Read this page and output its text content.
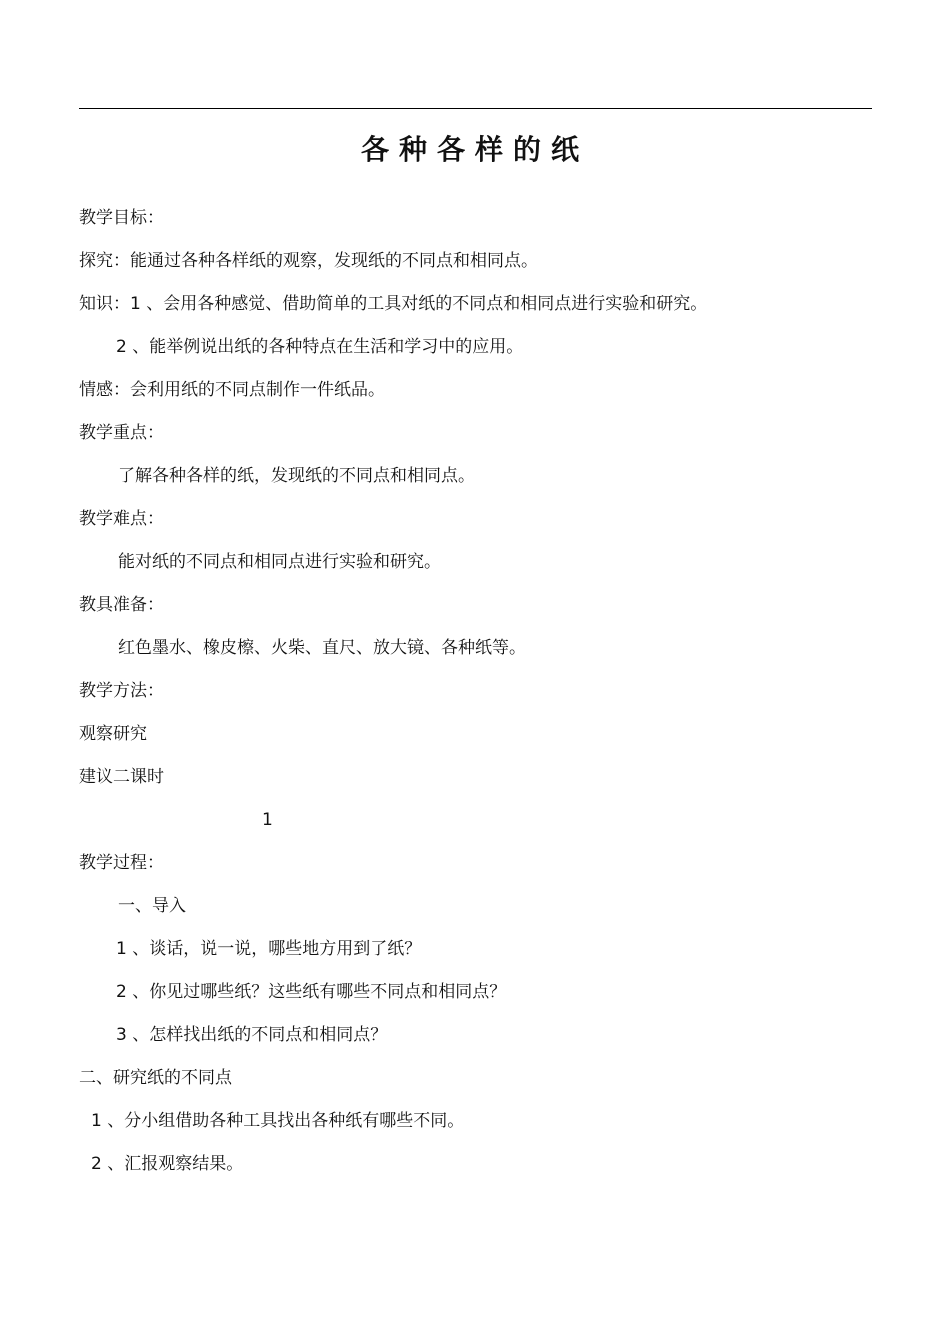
各种各样的纸
教学目标：
探究：能通过各种各样纸的观察，发现纸的不同点和相同点。
知识：1 、会用各种感觉、借助简单的工具对纸的不同点和相同点进行实验和研究。
2 、能举例说出纸的各种特点在生活和学习中的应用。
情感：会利用纸的不同点制作一件纸品。
教学重点：
了解各种各样的纸，发现纸的不同点和相同点。
教学难点：
能对纸的不同点和相同点进行实验和研究。
教具准备：
红色墨水、橡皮檫、火柴、直尺、放大镜、各种纸等。
教学方法：
观察研究
建议二课时
1
教学过程：
一、导入
1 、谈话，说一说，哪些地方用到了纸？
2 、你见过哪些纸？这些纸有哪些不同点和相同点？
3 、怎样找出纸的不同点和相同点？
二、研究纸的不同点
1 、分小组借助各种工具找出各种纸有哪些不同。
2 、汇报观察结果。
